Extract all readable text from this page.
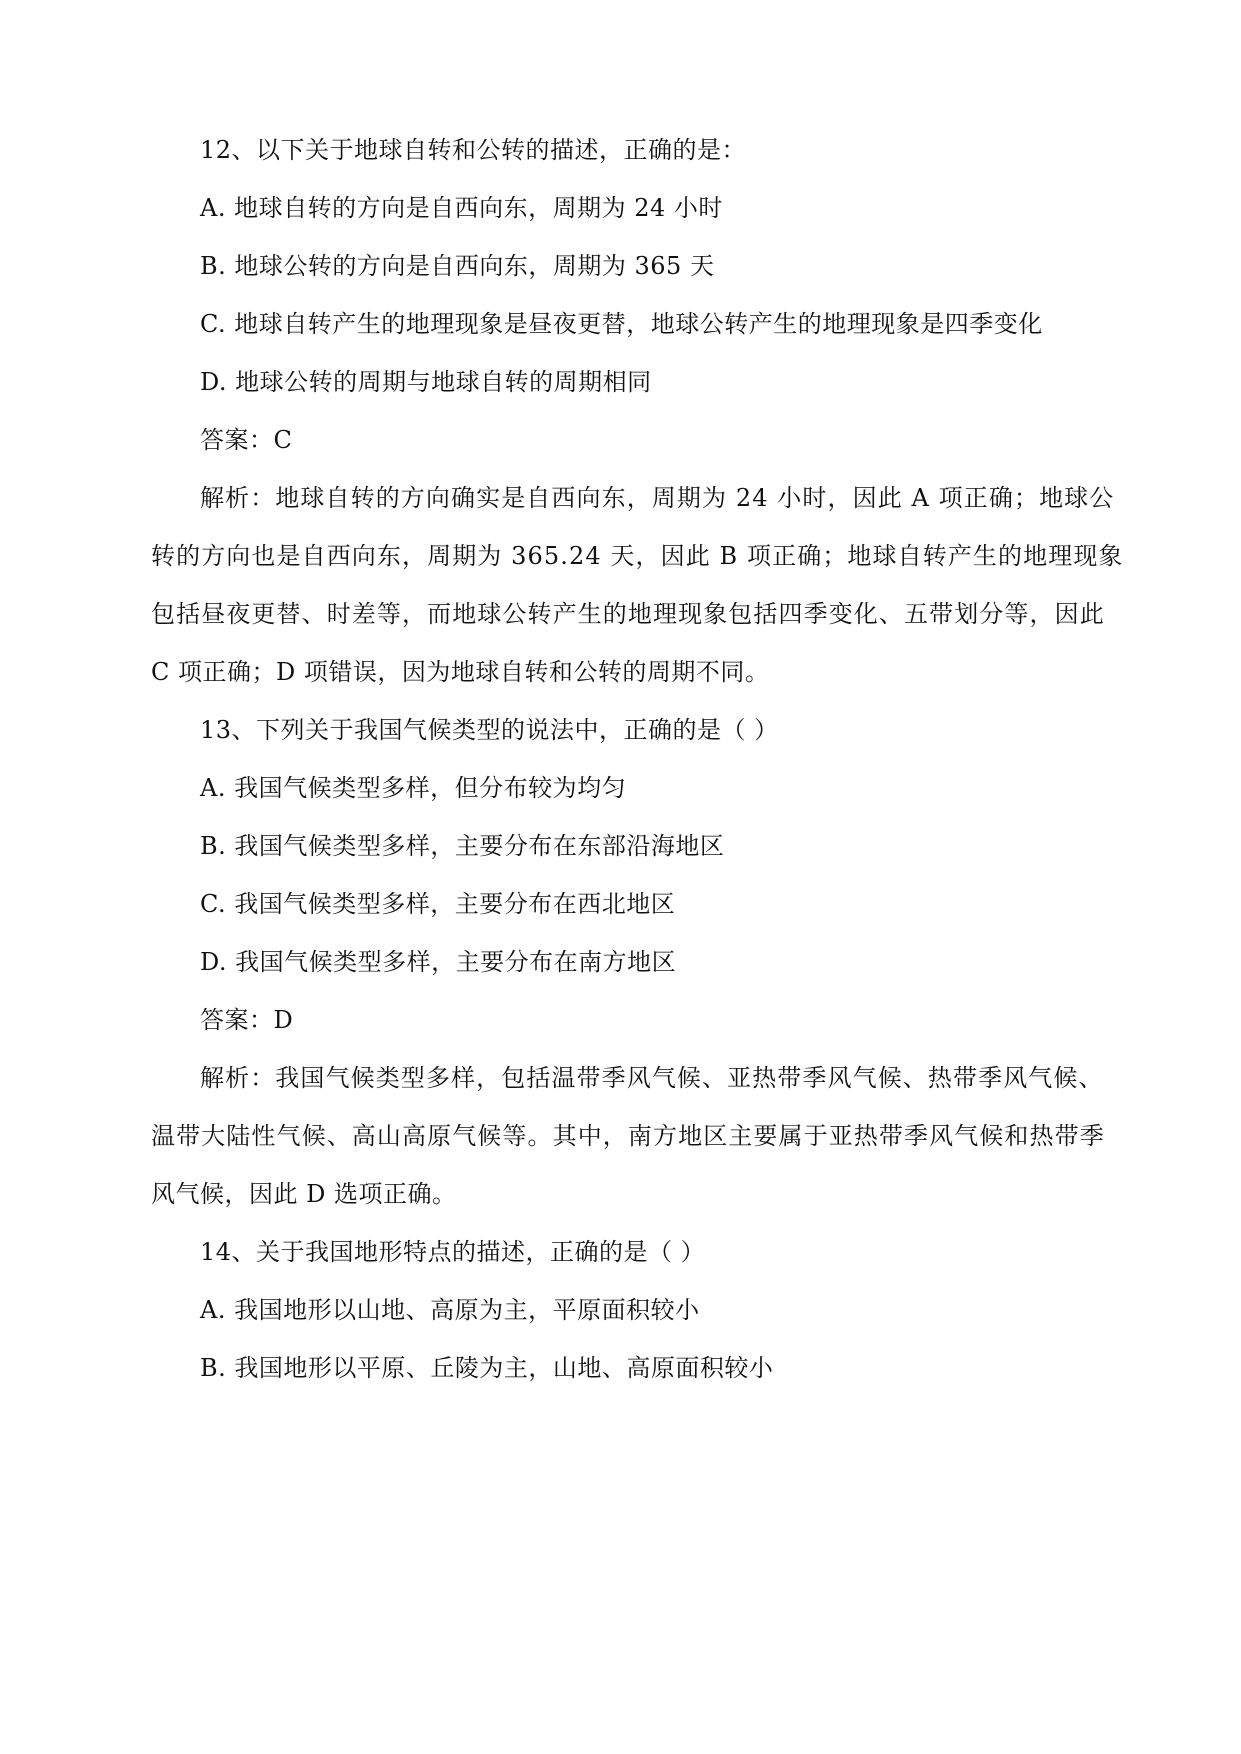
12、以下关于地球自转和公转的描述，正确的是：
A. 地球自转的方向是自西向东，周期为 24 小时
B. 地球公转的方向是自西向东，周期为 365 天
C. 地球自转产生的地理现象是昼夜更替，地球公转产生的地理现象是四季变化
D. 地球公转的周期与地球自转的周期相同
答案：C
解析：地球自转的方向确实是自西向东，周期为 24 小时，因此 A 项正确；地球公
转的方向也是自西向东，周期为 365.24 天，因此 B 项正确；地球自转产生的地理现象
包括昼夜更替、时差等，而地球公转产生的地理现象包括四季变化、五带划分等，因此
C 项正确；D 项错误，因为地球自转和公转的周期不同。
13、下列关于我国气候类型的说法中，正确的是（ ）
A. 我国气候类型多样，但分布较为均匀
B. 我国气候类型多样，主要分布在东部沿海地区
C. 我国气候类型多样，主要分布在西北地区
D. 我国气候类型多样，主要分布在南方地区
答案：D
解析：我国气候类型多样，包括温带季风气候、亚热带季风气候、热带季风气候、
温带大陆性气候、高山高原气候等。其中，南方地区主要属于亚热带季风气候和热带季
风气候，因此 D 选项正确。
14、关于我国地形特点的描述，正确的是（ ）
A. 我国地形以山地、高原为主，平原面积较小
B. 我国地形以平原、丘陵为主，山地、高原面积较小
